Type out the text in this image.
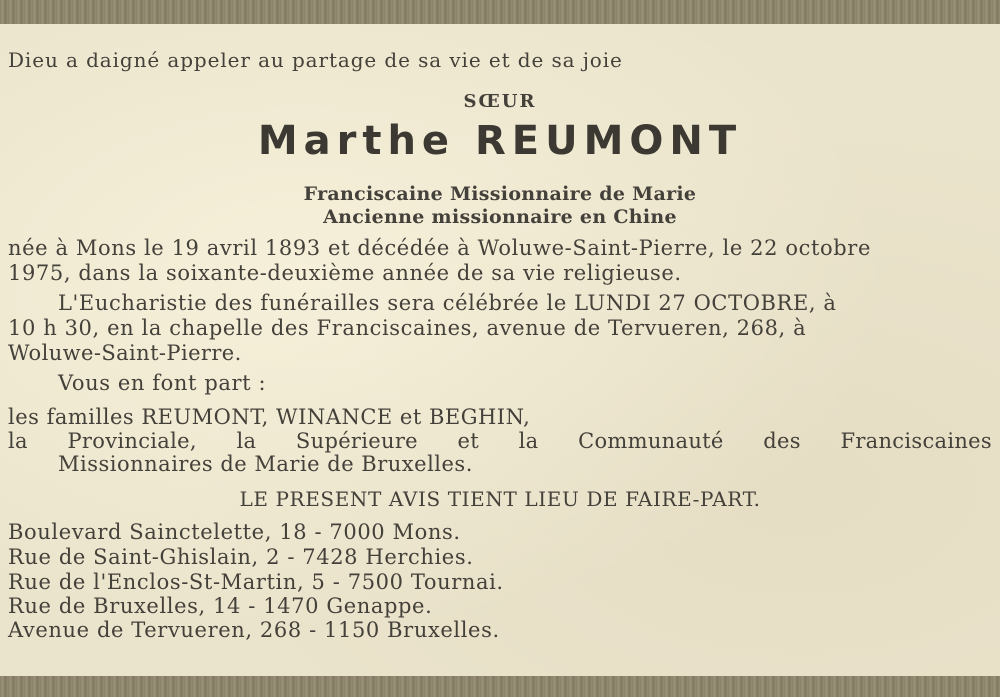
Dieu a daigné appeler au partage de sa vie et de sa joie
SŒUR
Marthe REUMONT
Franciscaine Missionnaire de Marie
Ancienne missionnaire en Chine
née à Mons le 19 avril 1893 et décédée à Woluwe-Saint-Pierre, le 22 octobre
1975, dans la soixante-deuxième année de sa vie religieuse.
L'Eucharistie des funérailles sera célébrée le LUNDI 27 OCTOBRE, à
10 h 30, en la chapelle des Franciscaines, avenue de Tervueren, 268, à
Woluwe-Saint-Pierre.
Vous en font part :
les familles REUMONT, WINANCE et BEGHIN,
la Provinciale, la Supérieure et la Communauté des Franciscaines
Missionnaires de Marie de Bruxelles.
LE PRESENT AVIS TIENT LIEU DE FAIRE-PART.
Boulevard Sainctelette, 18 - 7000 Mons.
Rue de Saint-Ghislain, 2 - 7428 Herchies.
Rue de l'Enclos-St-Martin, 5 - 7500 Tournai.
Rue de Bruxelles, 14 - 1470 Genappe.
Avenue de Tervueren, 268 - 1150 Bruxelles.
